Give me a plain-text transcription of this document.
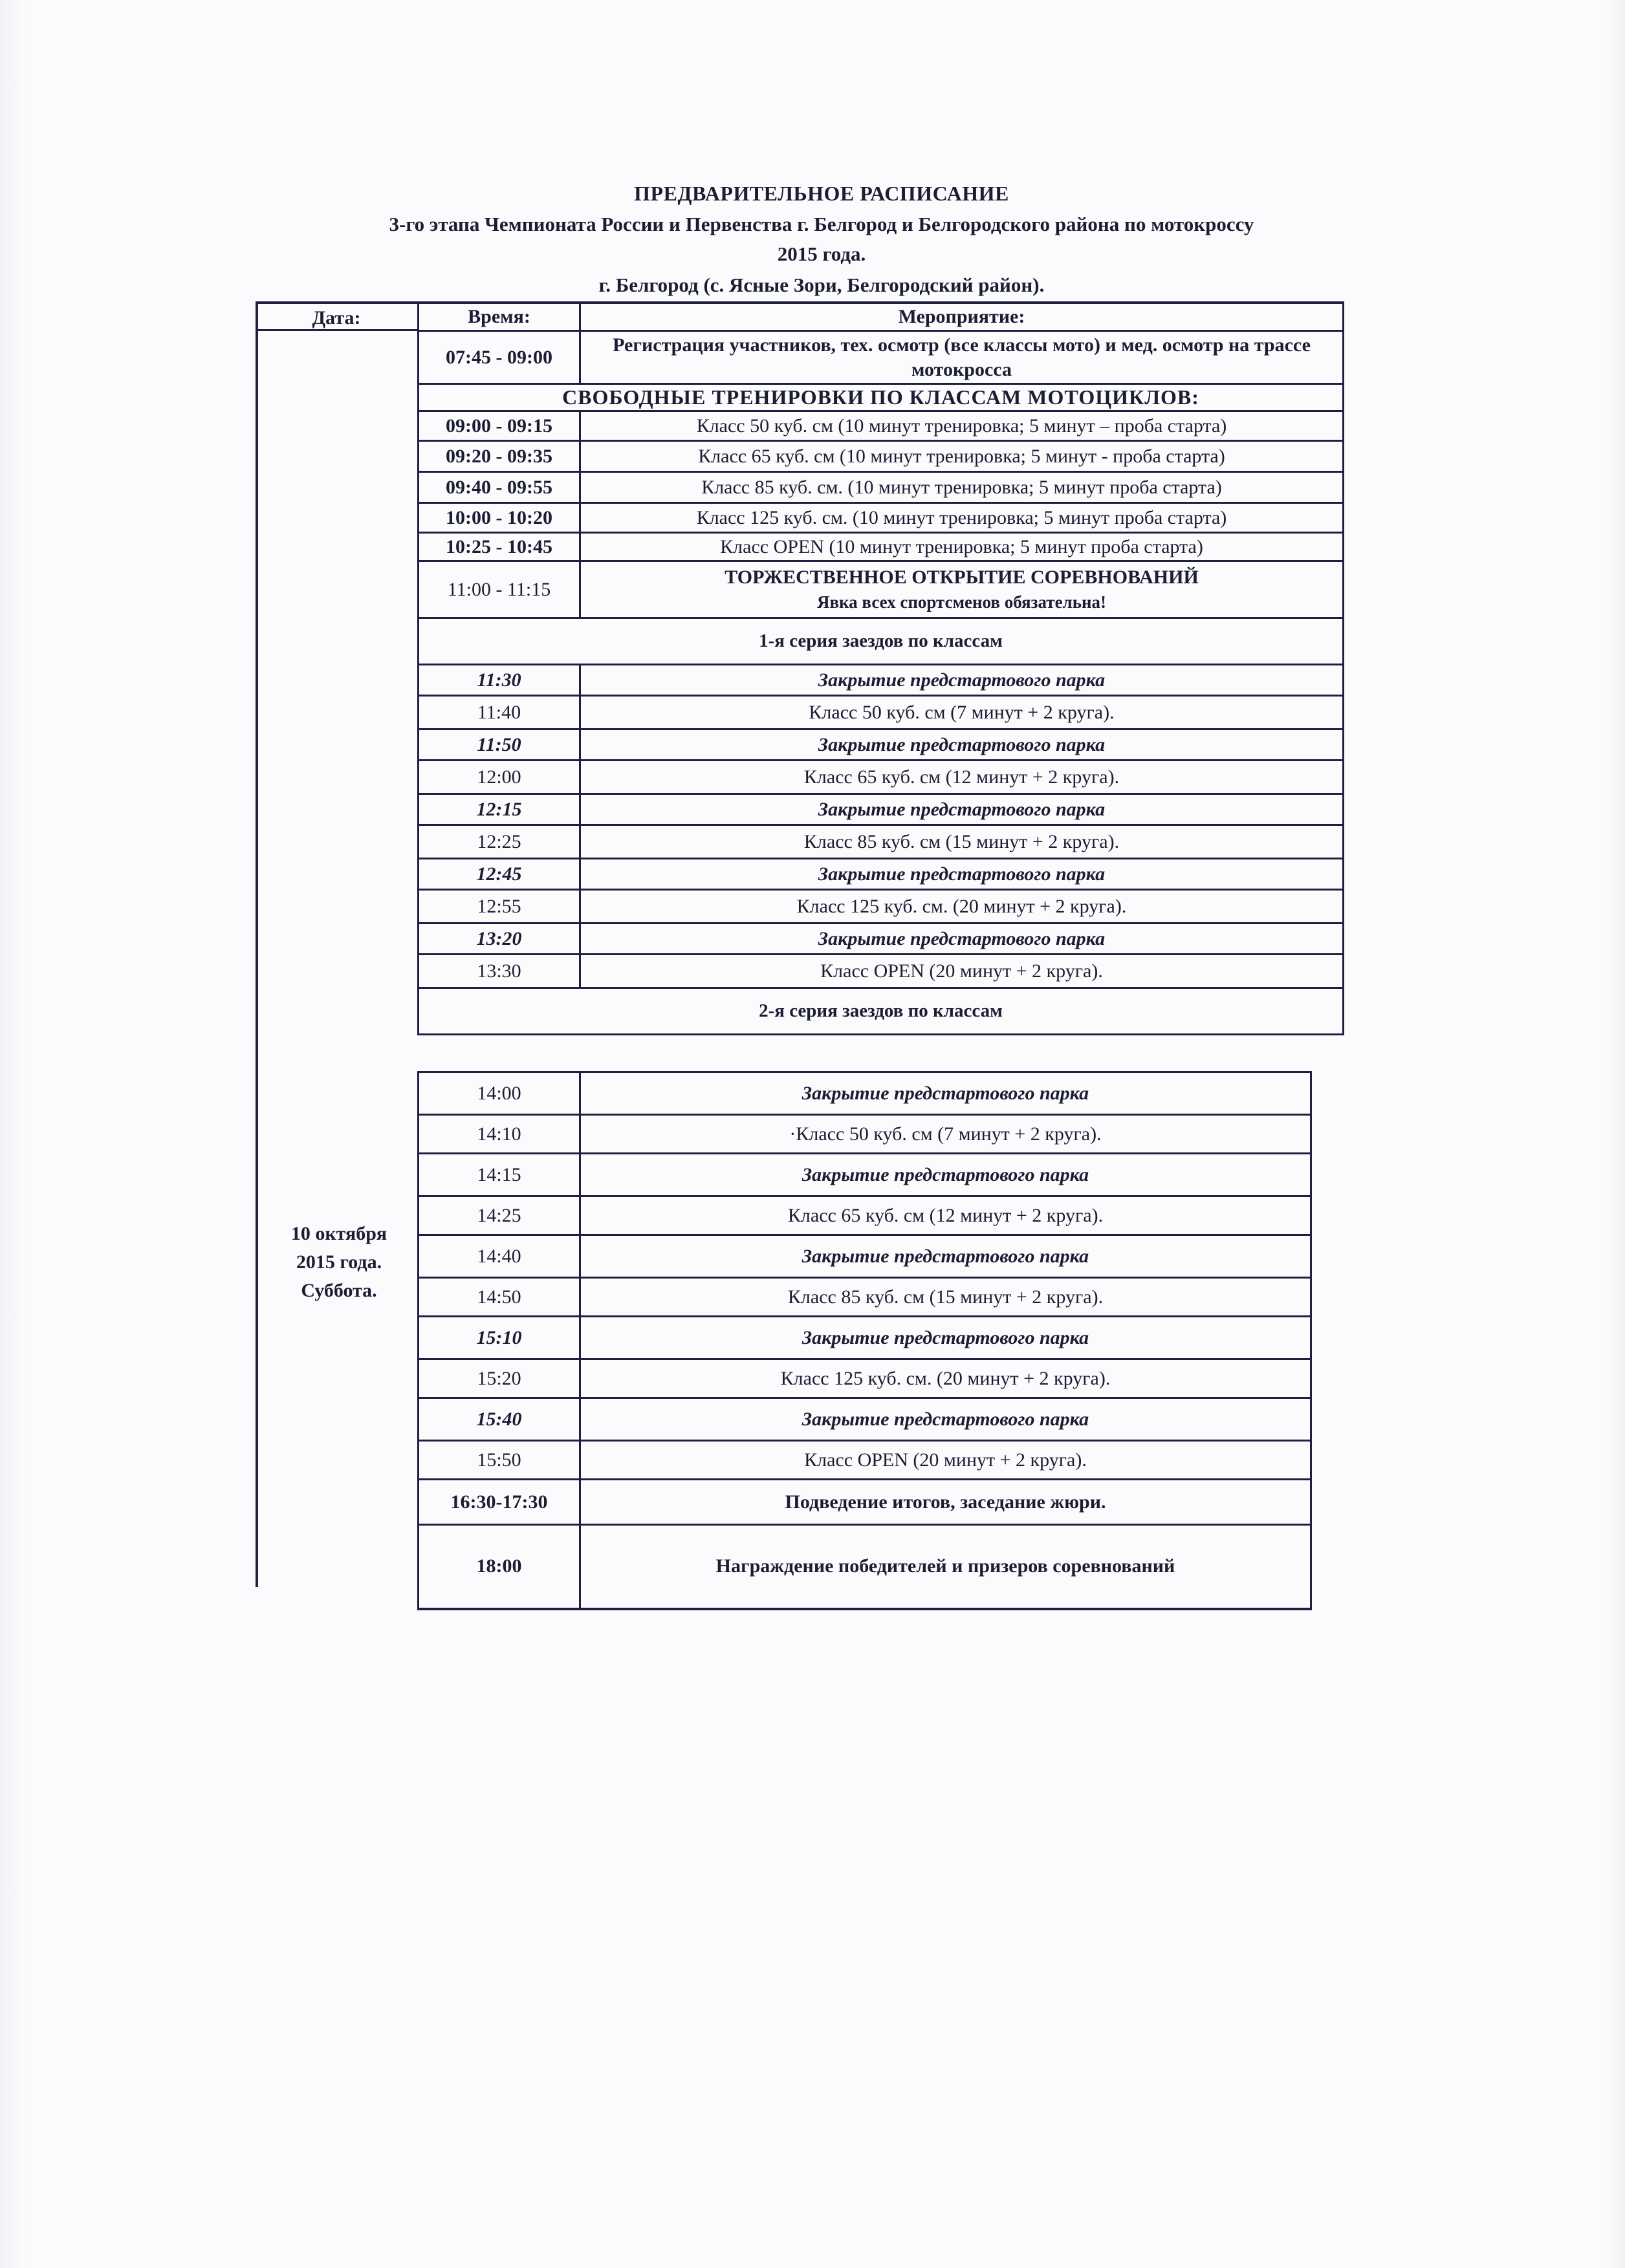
ПРЕДВАРИТЕЛЬНОЕ РАСПИСАНИЕ
3-го этапа Чемпионата России и Первенства г. Белгород и Белгородского района по мотокроссу
2015 года.
г. Белгород (с. Ясные Зори, Белгородский район).
10 октября
2015 года.
Суббота.
Дата:	Время:	Мероприятие:
07:45 - 09:00	Регистрация участников, тех. осмотр (все классы мото) и мед. осмотр на трассе мотокросса
СВОБОДНЫЕ ТРЕНИРОВКИ ПО КЛАССАМ МОТОЦИКЛОВ:	
09:00 - 09:15	Класс 50 куб. см (10 минут тренировка; 5 минут – проба старта)
09:20 - 09:35	Класс 65 куб. см (10 минут тренировка; 5 минут - проба старта)
09:40 - 09:55	Класс 85 куб. см. (10 минут тренировка; 5 минут проба старта)
10:00 - 10:20	Класс 125 куб. см. (10 минут тренировка; 5 минут проба старта)
10:25 - 10:45	Класс OPEN (10 минут тренировка; 5 минут проба старта)
11:00 - 11:15	ТОРЖЕСТВЕННОЕ ОТКРЫТИЕ СОРЕВНОВАНИЙ
Явка всех спортсменов обязательна!

1-я серия заездов по классам	
11:30	Закрытие предстартового парка
11:40	Класс 50 куб. см (7 минут + 2 круга).
11:50	Закрытие предстартового парка
12:00	Класс 65 куб. см (12 минут + 2 круга).
12:15	Закрытие предстартового парка
12:25	Класс 85 куб. см (15 минут + 2 круга).
12:45	Закрытие предстартового парка
12:55	Класс 125 куб. см. (20 минут + 2 круга).
13:20	Закрытие предстартового парка
13:30	Класс OPEN (20 минут + 2 круга).
2-я серия заездов по классам	
14:00	Закрытие предстартового парка
14:10	·Класс 50 куб. см (7 минут + 2 круга).
14:15	Закрытие предстартового парка
14:25	Класс 65 куб. см (12 минут + 2 круга).
14:40	Закрытие предстартового парка
14:50	Класс 85 куб. см (15 минут + 2 круга).
15:10	Закрытие предстартового парка
15:20	Класс 125 куб. см. (20 минут + 2 круга).
15:40	Закрытие предстартового парка
15:50	Класс OPEN (20 минут + 2 круга).
16:30-17:30	Подведение итогов, заседание жюри.
18:00	Награждение победителей и призеров соревнований
